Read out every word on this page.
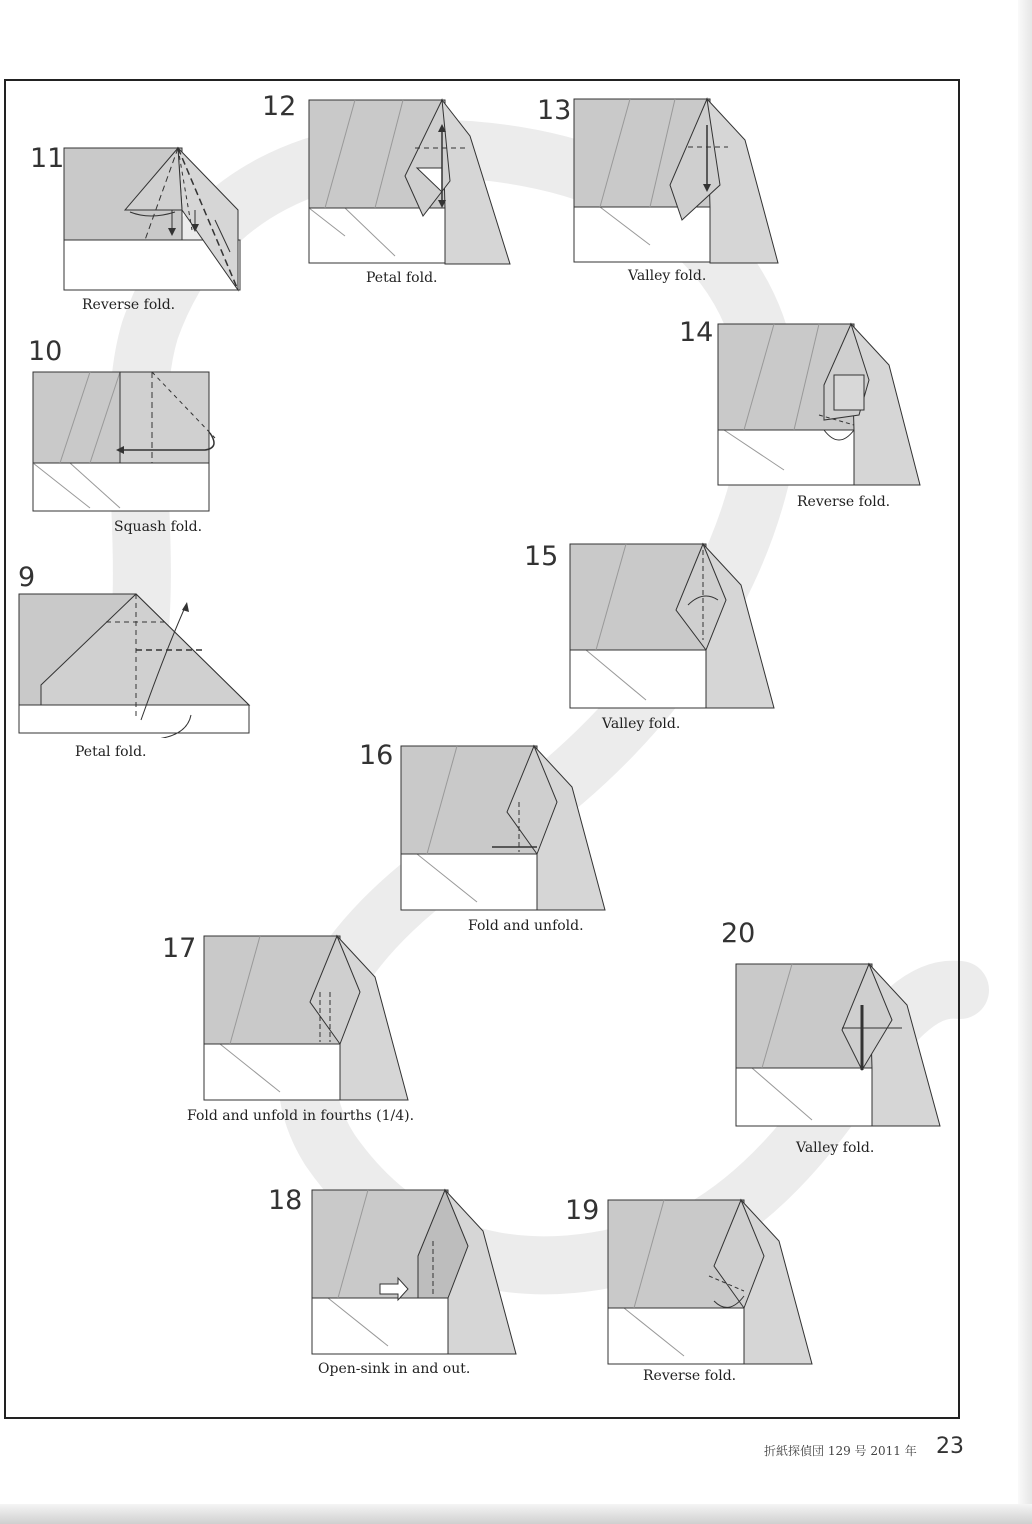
11
Reverse fold.
12
Petal fold.
13
Valley fold.
10
Squash fold.
14
Reverse fold.
9
Petal fold.
15
Valley fold.
16
Fold and unfold.
17
Fold and unfold in fourths (1/4).
20
Valley fold.
18
Open-sink in and out.
19
Reverse fold.
折紙探偵団 129 号 2011 年 23
